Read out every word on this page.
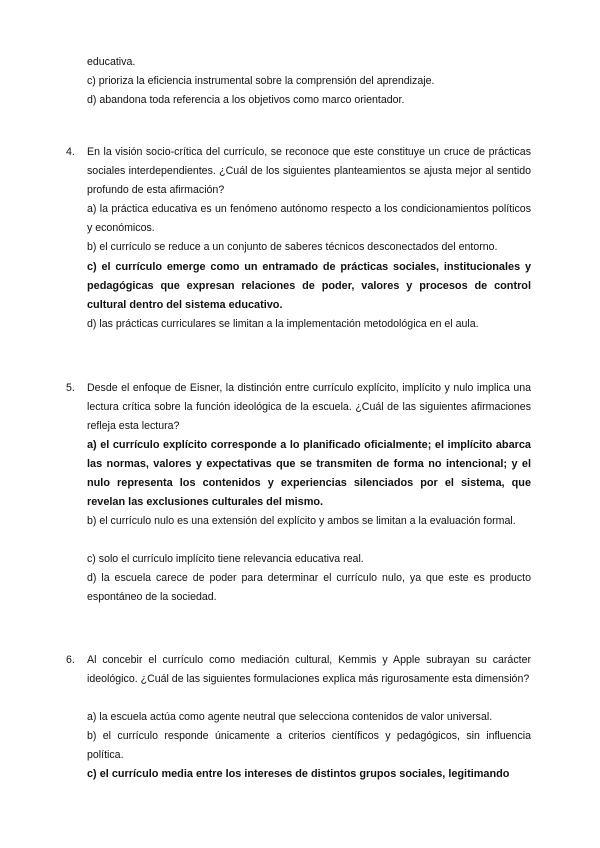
educativa.

c) prioriza la eficiencia instrumental sobre la comprensión del aprendizaje.

d) abandona toda referencia a los objetivos como marco orientador.

4. En la visión socio-crítica del currículo, se reconoce que este constituye un cruce de prácticas sociales interdependientes. ¿Cuál de los siguientes planteamientos se ajusta mejor al sentido profundo de esta afirmación?

a) la práctica educativa es un fenómeno autónomo respecto a los condicionamientos políticos y económicos.

b) el currículo se reduce a un conjunto de saberes técnicos desconectados del entorno.

c) el currículo emerge como un entramado de prácticas sociales, institucionales y pedagógicas que expresan relaciones de poder, valores y procesos de control cultural dentro del sistema educativo.

d) las prácticas curriculares se limitan a la implementación metodológica en el aula.

5. Desde el enfoque de Eisner, la distinción entre currículo explícito, implícito y nulo implica una lectura crítica sobre la función ideológica de la escuela. ¿Cuál de las siguientes afirmaciones refleja esta lectura?

a) el currículo explícito corresponde a lo planificado oficialmente; el implícito abarca las normas, valores y expectativas que se transmiten de forma no intencional; y el nulo representa los contenidos y experiencias silenciados por el sistema, que revelan las exclusiones culturales del mismo.

b) el currículo nulo es una extensión del explícito y ambos se limitan a la evaluación formal.

c) solo el currículo implícito tiene relevancia educativa real.

d) la escuela carece de poder para determinar el currículo nulo, ya que este es producto espontáneo de la sociedad.

6. Al concebir el currículo como mediación cultural, Kemmis y Apple subrayan su carácter ideológico. ¿Cuál de las siguientes formulaciones explica más rigurosamente esta dimensión?

a) la escuela actúa como agente neutral que selecciona contenidos de valor universal.

b) el currículo responde únicamente a criterios científicos y pedagógicos, sin influencia política.

c) el currículo media entre los intereses de distintos grupos sociales, legitimando
